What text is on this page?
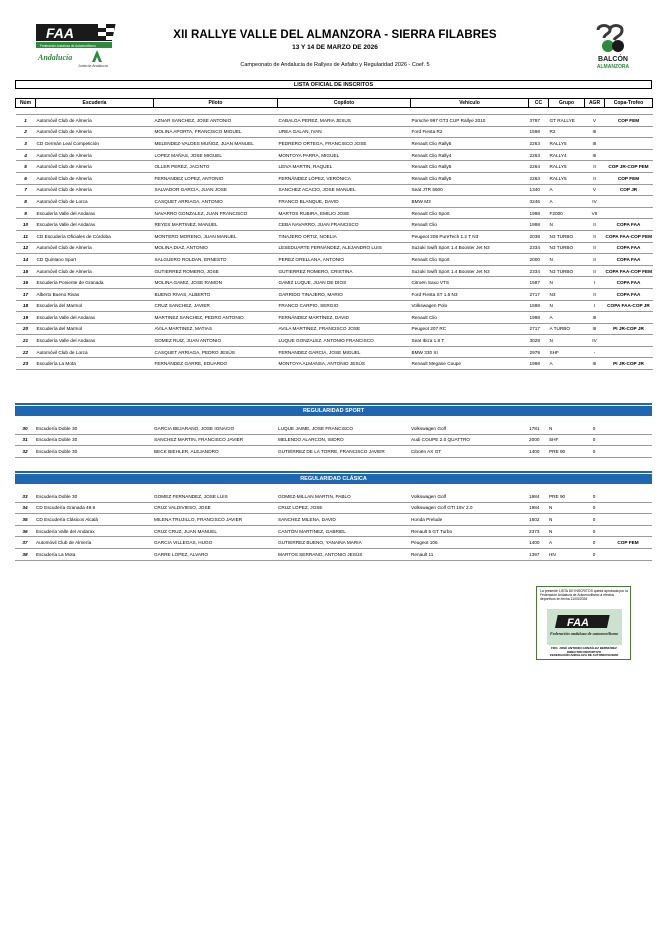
FAA
Federación Andaluza de Automovilismo
Andalucía
Junta de Andalucía
XII RALLYE VALLE DEL ALMANZORA - SIERRA FILABRES
13 Y 14 DE MARZO DE 2026
Campeonato de Andalucia de Rallyes de Asfalto y Regularidad 2026 - Coef. 5
BALCÓN
ALMANZORA
LISTA OFICIAL DE INSCRITOS
Núm	Escudería	Piloto	Copiloto	Vehículo	CC	Grupo	AGR	Copa-Trofeo

1	Automóvil Club de Almería	AZNAR SANCHEZ, JOSE ANTONIO	CABALGA PEREZ, MARIA JESUS	Porsche 997 GT3 CUP Rallye 2010	3797	GT RALLYE	V	COP FEM
2	Automóvil Club de Almería	MOLINA APORTA, FRANCISCO MIGUEL	UREA GALAN, IVAN	Ford Fiesta R2	1598	R2	III	
3	CD Germán Leal Competición	MELENDEZ-VALDES MUÑOZ, JUAN MANUEL	PEDRERO ORTEGA, FRANCISCO JOSE	Renault Clio Rally5	2263	RALLY5	III	
4	Automóvil Club de Almería	LOPEZ MAÑAS, JOSE MIGUEL	MONTOYA PARRA, MIGUEL	Renault Clio Rally4	2263	RALLY4	III	
5	Automóvil Club de Almería	OLLER PEREZ, JACINTO	LEIVA MARTIN, RAQUEL	Renault Clio Rally5	2264	RALLY5	II	COP JR-COP FEM
6	Automóvil Club de Almería	FERNANDEZ LOPEZ, ANTONIO	FERNÁNDEZ LÓPEZ, VERÓNICA	Renault Clio Rally5	2263	RALLY5	II	COP FEM
7	Automóvil Club de Almería	SALVADOR GARCIA, JUAN JOSE	SANCHEZ ACACIO, JOSE MANUEL	Seat JTR 5600	1340	A	V	COP JR
8	Automóvil Club de Lorca	CASQUET ARRIAGA, ANTONIO	FRANCO BLANQUE, DAVID	BMW M3	3246	A	IV	
9	Escudería Valle del Andarax	NAVARRO GONZALEZ, JUAN FRANCISCO	MARTOS RUBIRA, EMILIO JOSE	Renault Clio Sport	1998	F2000	VII	
10	Escudería Valle del Andarax	REYES MARTINEZ, MANUEL	CEBA NAVARRO, JUAN FRANCISCO	Renault Clio	1998	N	II	COPA FAA
11	CD Escudería Oficiales de Córdoba	MONTERO MORENO, JUAN MANUEL	TINAJERO ORTIZ, NOELIA	Peugeot 208 PureTech 1.2 T N3	2038	N3 TURBO	II	COPA FAA-COP FEM
12	Automóvil Club de Almería	MOLINA DIAZ, ANTONIO	LESEDUARTE FERNÁNDEZ, ALEJANDRO LUIS	Suzuki Swift Sport 1.4 Booster Jet N3	2334	N3 TURBO	II	COPA FAA
14	CD Quintano Sport	SALGUERO ROLDAN, ERNESTO	PEREZ ORELLANA, ANTONIO	Renault Clio Sport	2000	N	II	COPA FAA
15	Automóvil Club de Almería	GUTIERREZ ROMERO, JOSE	GUTIERREZ ROMERO, CRISTINA	Suzuki Swift Sport 1.4 Booster Jet N3	2334	N3 TURBO	II	COPA FAA-COP FEM
16	Escudería Poniente de Granada	MOLINA GAMIZ, JOSE RAMON	GAMIZ LUQUE, JUAN DE DIOS	Citroën Saxo VTS	1587	N	I	COPA FAA
17	Alberto Bueno Rivas	BUENO RIVAS, ALBERTO	GARRIDO TINAJERO, MARIO	Ford Fiesta ST 1.6 N3	2717	N3	II	COPA FAA
18	Escudería del Marmol	CRUZ SANCHEZ, JAVIER	FRANCO CARPIO, SERGIO	Volkswagen Polo	1598	N	I	COPA FAA-COP JR
19	Escudería Valle del Andarax	MARTINEZ SANCHEZ, PEDRO ANTONIO	FERNÁNDEZ MARTÍNEZ, DAVID	Renault Clio	1998	A	III	
20	Escudería del Marmol	AVILA MARTINEZ, MATIAS	AVILA MARTINEZ, FRANCISCO JOSE	Peugeot 207 RC	2717	A TURBO	III	PI JR-COP JR
21	Escudería Valle del Andarax	GOMEZ RUIZ, JUAN ANTONIO	LUQUE GONZALEZ, ANTONIO FRANCISCO	Seat Ibiza 1.8 T	3028	N	IV	
22	Automóvil Club de Lorca	CASQUET ARRIAGA, PEDRO JESÚS	FERNANDEZ GARCIA, JOSE MIGUEL	BMW 330 XI	2979	SHF	-	
23	Escudería La Mota	FERNÁNDEZ GARRE, EDUARDO	MONTOYA ALMANSA, ANTONIO JESÚS	Renault Megane Coupe	1998	A	III	PI JR-COP JR
REGULARIDAD SPORT
30	Escudería Doble 30	GARCIA BEJARANO, JOSE IGNACIO	LUQUE JAIME, JOSE FRANCISCO	Volkswagen Golf	1781	N	0	
31	Escudería Doble 30	SANCHEZ MARTIN, FRANCISCO JAVIER	MELENDO ALARCON, ISIDRO	Audi COUPE 2.0 QUATTRO	2000	SHF	0	
32	Escudería Doble 30	BECK BIEHLER, ALEJANDRO	GUTIÉRREZ DE LA TORRE, FRANCISCO JAVIER	Citroën AX GT	1400	PRE 90	0	
REGULARIDAD CLÁSICA
33	Escudería Doble 30	GOMEZ FERNANDEZ, JOSE LUIS	GOMEZ-MILLAN MARTIN, PABLO	Volkswagen Golf	1984	PRE 90	0	
34	CD Escudería Granada 49.9	CRUZ VALDIVIESO, JOSE	CRUZ LOPEZ, JOSE	Volkswagen Golf GTI 16V 2.0	1984	N	0	
35	CD Escudería Clásicos Alcalá	MILENA TRUJILLO, FRANCISCO JAVIER	SANCHEZ MILENA, DAVID	Honda Prelude	1602	N	0	
36	Escudería Valle del Andarax	CRUZ CRUZ, JUAN MANUEL	CANTÓN MARTÍNEZ, GABRIEL	Renault 5 GT Turbo	2373	N	0	
37	Automóvil Club de Almería	GARCIA VILLEGAS, HUGO	GUTIERREZ BUENO, YANAINA MARIA	Peugeot 106	1400	A	0	COP FEM
38	Escudería La Mota	GARRE LOPEZ, ALVARO	MARTOS SERRANO, ANTONIO JESÚS	Renault 11	1397	HN	0	
La presente LISTA DE INSCRITOS queda aprobada por la Federación Andaluza de Automovilismo a efectos deportivos en fecha 11/03/2026
FAA
Federación andaluza de automovilismo
FDO. JOSÉ ANTONIO GONZÁLEZ BERMÚDEZ
DIRECTOR DEPORTIVO
FEDERACIÓN ANDALUZA DE AUTOMOVILISMO
